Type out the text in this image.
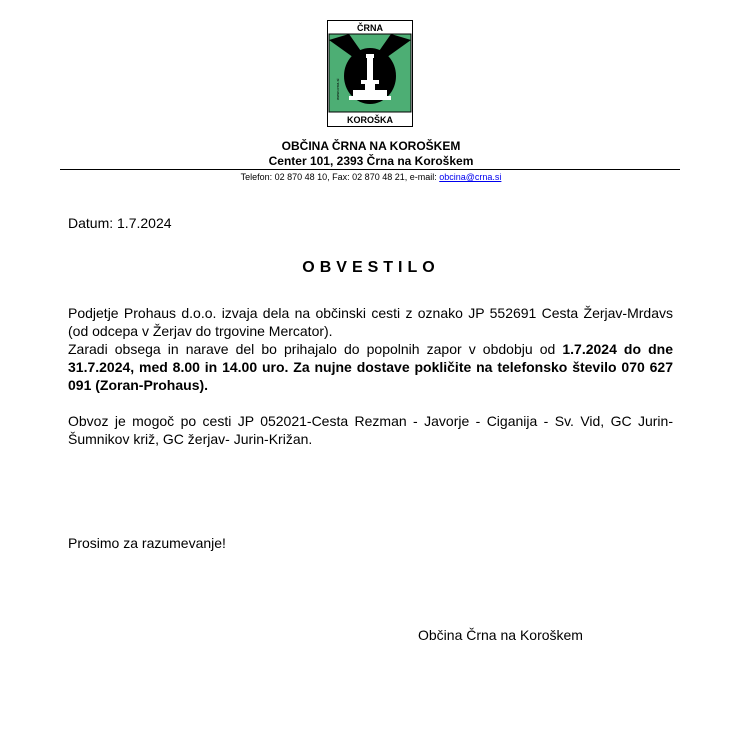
ČRNA
www.crna.si
KOROŠKA
OBČINA ČRNA NA KOROŠKEM
Center 101, 2393 Črna na Koroškem
Telefon: 02 870 48 10, Fax: 02 870 48 21, e-mail: obcina@crna.si
Datum: 1.7.2024
OBVESTILO

Podjetje Prohaus d.o.o. izvaja dela na občinski cesti z oznako JP 552691 Cesta Žerjav-Mrdavs (od odcepa v Žerjav do trgovine Mercator).

Zaradi obsega in narave del bo prihajalo do popolnih zapor v obdobju od 1.7.2024 do dne 31.7.2024, med 8.00 in 14.00 uro. Za nujne dostave pokličite na telefonsko število 070 627 091 (Zoran-Prohaus).

Obvoz je mogoč po cesti JP 052021-Cesta Rezman - Javorje - Ciganija - Sv. Vid, GC Jurin-Šumnikov križ, GC žerjav- Jurin-Križan.

Prosimo za razumevanje!
Občina Črna na Koroškem
